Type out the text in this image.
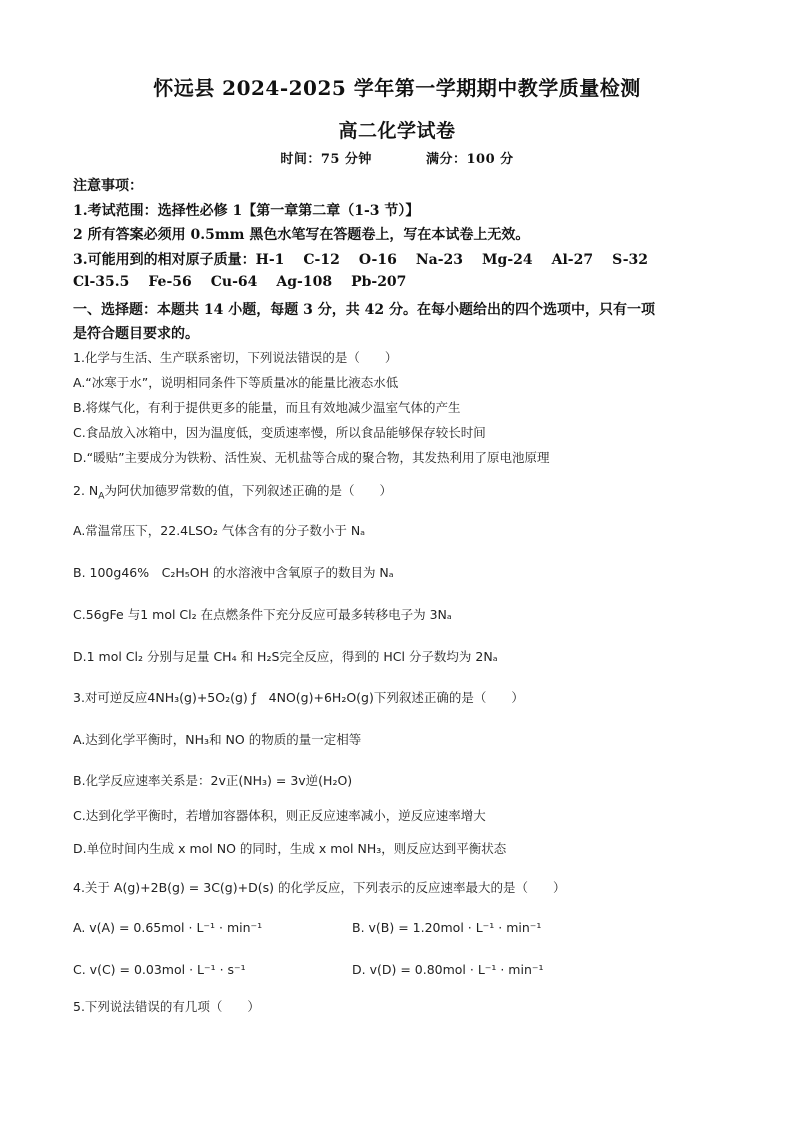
怀远县 2024-2025 学年第一学期期中教学质量检测
高二化学试卷
时间：75 分钟	满分：100 分
注意事项：
1.考试范围：选择性必修 1【第一章第二章（1-3 节）】
2 所有答案必须用 0.5mm 黑色水笔写在答题卷上，写在本试卷上无效。
3.可能用到的相对原子质量：H-1 C-12 O-16 Na-23 Mg-24 Al-27 S-32
Cl-35.5 Fe-56 Cu-64 Ag-108 Pb-207
一、选择题：本题共 14 小题，每题 3 分，共 42 分。在每小题给出的四个选项中，只有一项
是符合题目要求的。
1.化学与生活、生产联系密切，下列说法错误的是（　　）
A.“冰寒于水”，说明相同条件下等质量冰的能量比液态水低
B.将煤气化，有利于提供更多的能量，而且有效地减少温室气体的产生
C.食品放入冰箱中，因为温度低，变质速率慢，所以食品能够保存较长时间
D.“暖贴”主要成分为铁粉、活性炭、无机盐等合成的聚合物，其发热利用了原电池原理
2. $N_A$为阿伏加德罗常数的值，下列叙述正确的是（　　）
A.常温常压下，22.4LSO₂ 气体含有的分子数小于 Nₐ
B. 100g46%　C₂H₅OH 的水溶液中含氧原子的数目为 Nₐ
C.56gFe 与1 mol Cl₂ 在点燃条件下充分反应可最多转移电子为 3Nₐ
D.1 mol Cl₂ 分别与足量 CH₄ 和 H₂S完全反应，得到的 HCl 分子数均为 2Nₐ
3.对可逆反应4NH₃(g)+5O₂(g) ƒ　4NO(g)+6H₂O(g)下列叙述正确的是（　　）
A.达到化学平衡时，NH₃和 NO 的物质的量一定相等
B.化学反应速率关系是：2v正(NH₃) = 3v逆(H₂O)
C.达到化学平衡时，若增加容器体积，则正反应速率减小，逆反应速率增大
D.单位时间内生成 x mol NO 的同时，生成 x mol NH₃，则反应达到平衡状态
4.关于 A(g)+2B(g) = 3C(g)+D(s) 的化学反应，下列表示的反应速率最大的是（　　）
A. v(A) = 0.65mol · L⁻¹ · min⁻¹	B. v(B) = 1.20mol · L⁻¹ · min⁻¹
C. v(C) = 0.03mol · L⁻¹ · s⁻¹	D. v(D) = 0.80mol · L⁻¹ · min⁻¹
5.下列说法错误的有几项（　　）
